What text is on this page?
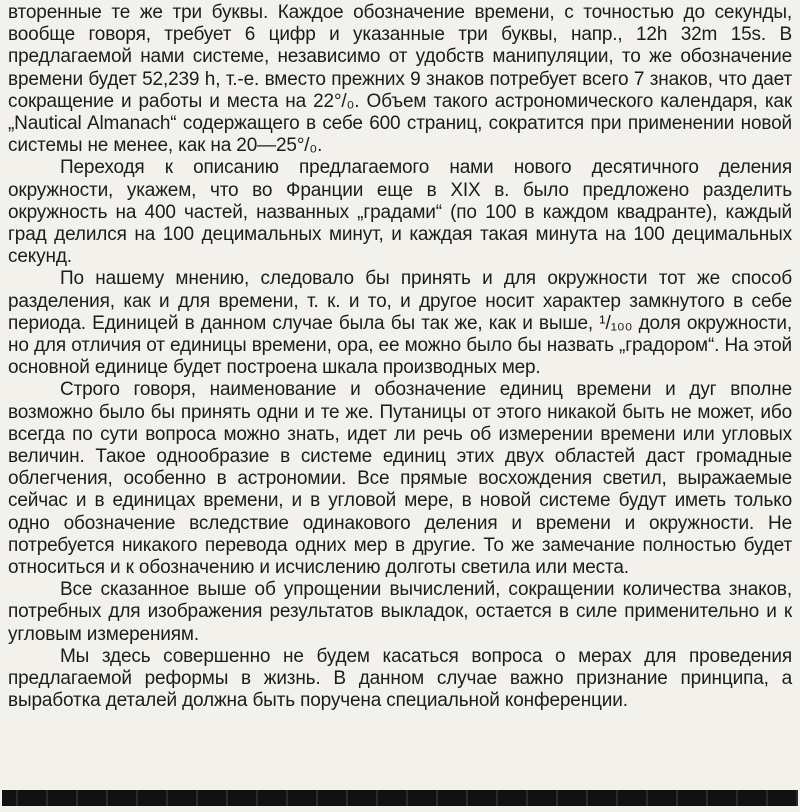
вторенные те же три буквы. Каждое обозначение времени, с точностью до секунды, вообще говоря, требует 6 цифр и указанные три буквы, напр., 12h 32m 15s. В предлагаемой нами системе, независимо от удобств манипуляции, то же обозначение времени будет 52,239 h, т.-е. вместо прежних 9 знаков потребует всего 7 знаков, что дает сокращение и работы и места на 22°/₀. Объем такого астрономического календаря, как „Nautical Almanach“ содержащего в себе 600 страниц, сократится при применении новой системы не менее, как на 20—25°/₀.

Переходя к описанию предлагаемого нами нового десятичного деления окружности, укажем, что во Франции еще в XIX в. было предложено разделить окружность на 400 частей, названных „градами“ (по 100 в каждом квадранте), каждый град делился на 100 децимальных минут, и каждая такая минута на 100 децимальных секунд.

По нашему мнению, следовало бы принять и для окружности тот же способ разделения, как и для времени, т. к. и то, и другое носит характер замкнутого в себе периода. Единицей в данном случае была бы так же, как и выше, ¹/₁₀₀ доля окружности, но для отличия от единицы времени, ора, ее можно было бы назвать „градором“. На этой основной единице будет построена шкала производных мер.

Строго говоря, наименование и обозначение единиц времени и дуг вполне возможно было бы принять одни и те же. Путаницы от этого никакой быть не может, ибо всегда по сути вопроса можно знать, идет ли речь об измерении времени или угловых величин. Такое однообразие в системе единиц этих двух областей даст громадные облегчения, особенно в астрономии. Все прямые восхождения светил, выражаемые сейчас и в единицах времени, и в угловой мере, в новой системе будут иметь только одно обозначение вследствие одинакового деления и времени и окружности. Не потребуется никакого перевода одних мер в другие. То же замечание полностью будет относиться и к обозначению и исчислению долготы светила или места.

Все сказанное выше об упрощении вычислений, сокращении количества знаков, потребных для изображения результатов выкладок, остается в силе применительно и к угловым измерениям.

Мы здесь совершенно не будем касаться вопроса о мерах для проведения предлагаемой реформы в жизнь. В данном случае важно признание принципа, а выработка деталей должна быть поручена специальной конференции.
